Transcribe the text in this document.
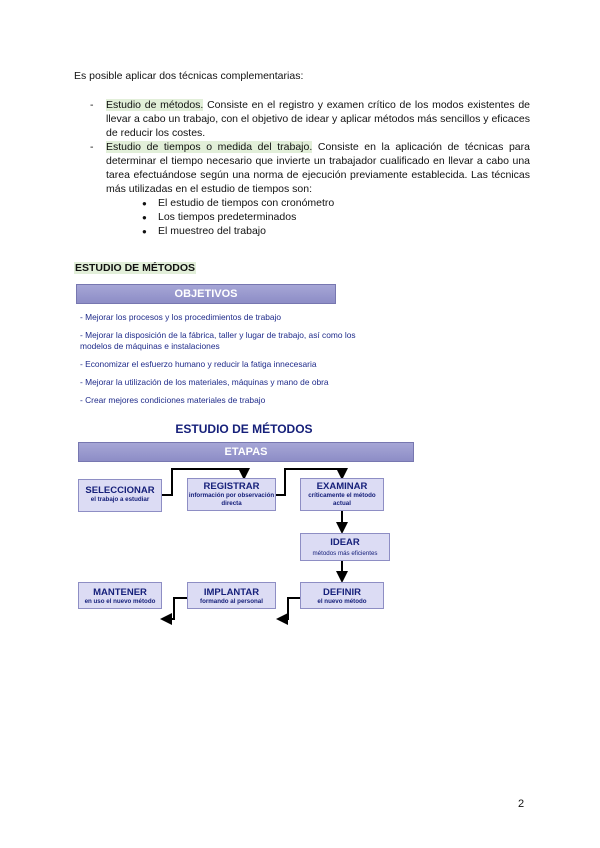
Es posible aplicar dos técnicas complementarias:
- Estudio de métodos. Consiste en el registro y examen crítico de los modos existentes de llevar a cabo un trabajo, con el objetivo de idear y aplicar métodos más sencillos y eficaces de reducir los costes.
- Estudio de tiempos o medida del trabajo. Consiste en la aplicación de técnicas para determinar el tiempo necesario que invierte un trabajador cualificado en llevar a cabo una tarea efectuándose según una norma de ejecución previamente establecida. Las técnicas más utilizadas en el estudio de tiempos son:
● El estudio de tiempos con cronómetro
● Los tiempos predeterminados
● El muestreo del trabajo
ESTUDIO DE MÉTODOS
OBJETIVOS
- Mejorar los procesos y los procedimientos de trabajo
- Mejorar la disposición de la fábrica, taller y lugar de trabajo, así como los modelos de máquinas e instalaciones
- Economizar el esfuerzo humano y reducir la fatiga innecesaria
- Mejorar la utilización de los materiales, máquinas y mano de obra
- Crear mejores condiciones materiales de trabajo
ESTUDIO DE MÉTODOS
ETAPAS
SELECCIONAR
el trabajo a estudiar
REGISTRAR
información por observación directa
EXAMINAR
críticamente el método actual
IDEAR
métodos más eficientes
DEFINIR
el nuevo método
IMPLANTAR
formando al personal
MANTENER
en uso el nuevo método
2
